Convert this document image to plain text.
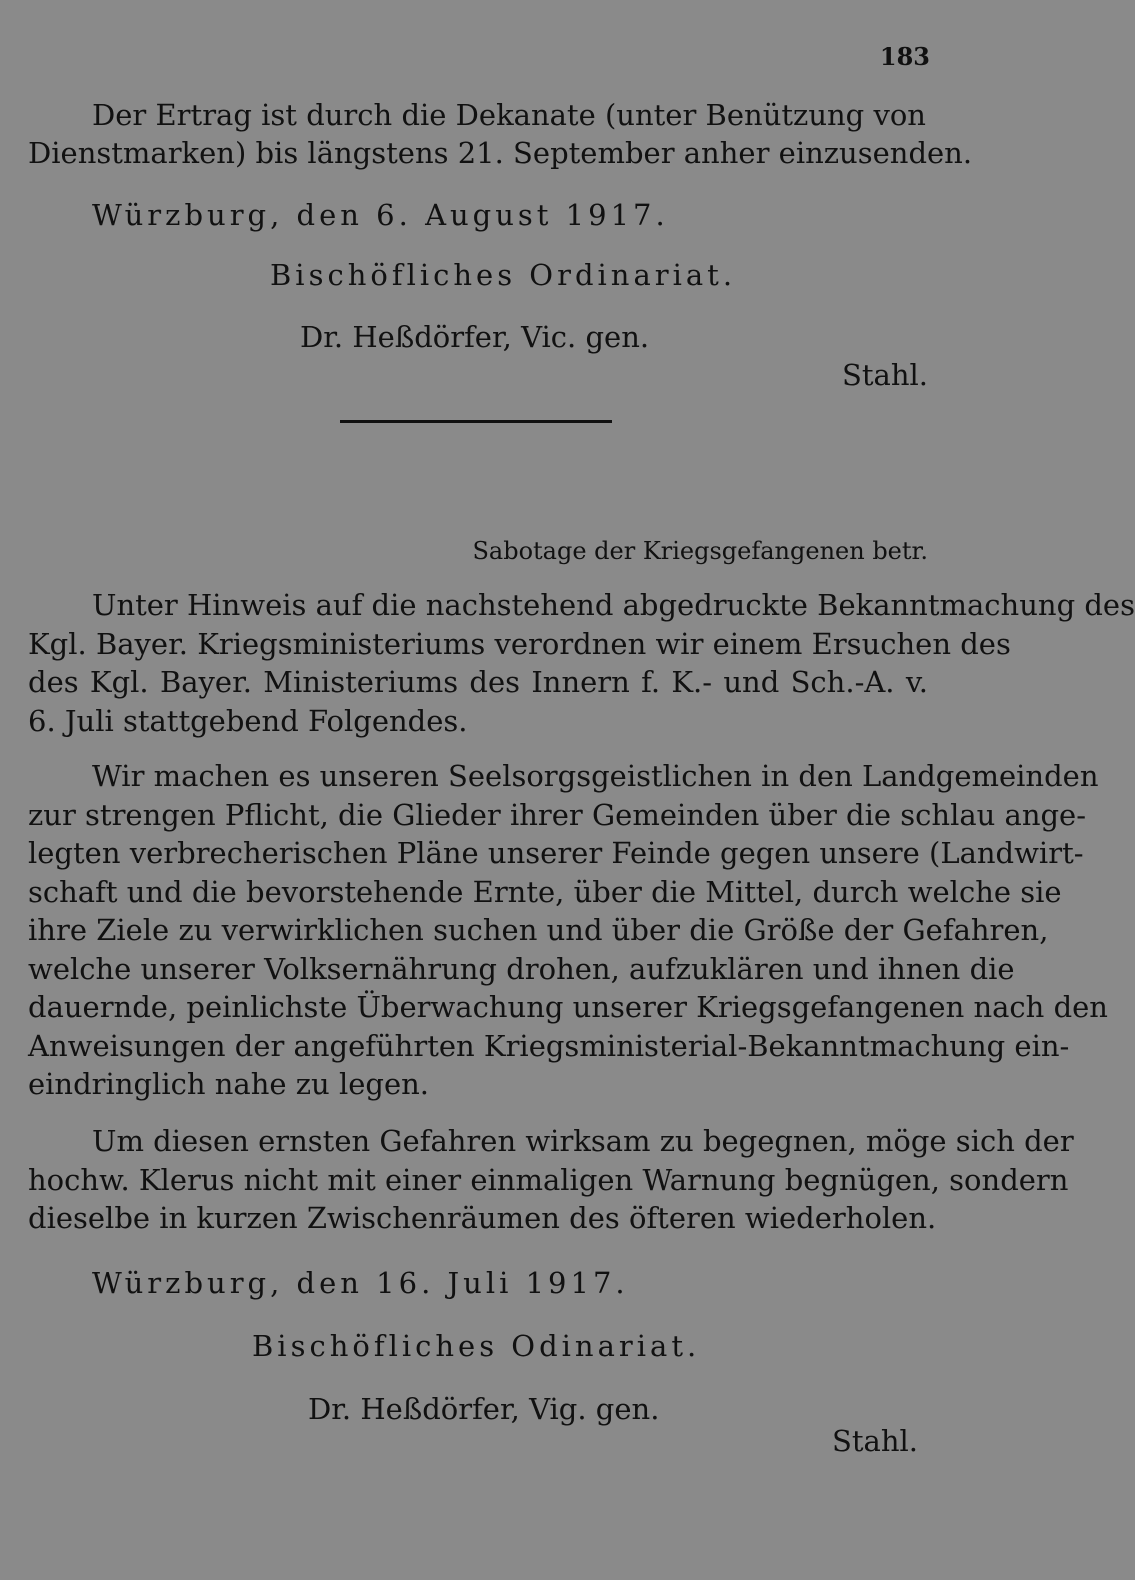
183
Der Ertrag ist durch die Dekanate (unter Benützung von
Dienstmarken) bis längstens 21. September anher einzusenden.
Würzburg, den 6. August 1917.
Bischöfliches Ordinariat.
Dr. Heßdörfer, Vic. gen.
Stahl.
Sabotage der Kriegsgefangenen betr.
Unter Hinweis auf die nachstehend abgedruckte Bekanntmachung des
Kgl. Bayer. Kriegsministeriums verordnen wir einem Ersuchen des
des Kgl. Bayer. Ministeriums des Innern f. K.- und Sch.-A. v.
6. Juli stattgebend Folgendes.
Wir machen es unseren Seelsorgsgeistlichen in den Landgemeinden
zur strengen Pflicht, die Glieder ihrer Gemeinden über die schlau ange-
legten verbrecherischen Pläne unserer Feinde gegen unsere (Landwirt-
schaft und die bevorstehende Ernte, über die Mittel, durch welche sie
ihre Ziele zu verwirklichen suchen und über die Größe der Gefahren,
welche unserer Volksernährung drohen, aufzuklären und ihnen die
dauernde, peinlichste Überwachung unserer Kriegsgefangenen nach den
Anweisungen der angeführten Kriegsministerial-Bekanntmachung ein-
eindringlich nahe zu legen.
Um diesen ernsten Gefahren wirksam zu begegnen, möge sich der
hochw. Klerus nicht mit einer einmaligen Warnung begnügen, sondern
dieselbe in kurzen Zwischenräumen des öfteren wiederholen.
Würzburg, den 16. Juli 1917.
Bischöfliches Odinariat.
Dr. Heßdörfer, Vig. gen.
Stahl.
